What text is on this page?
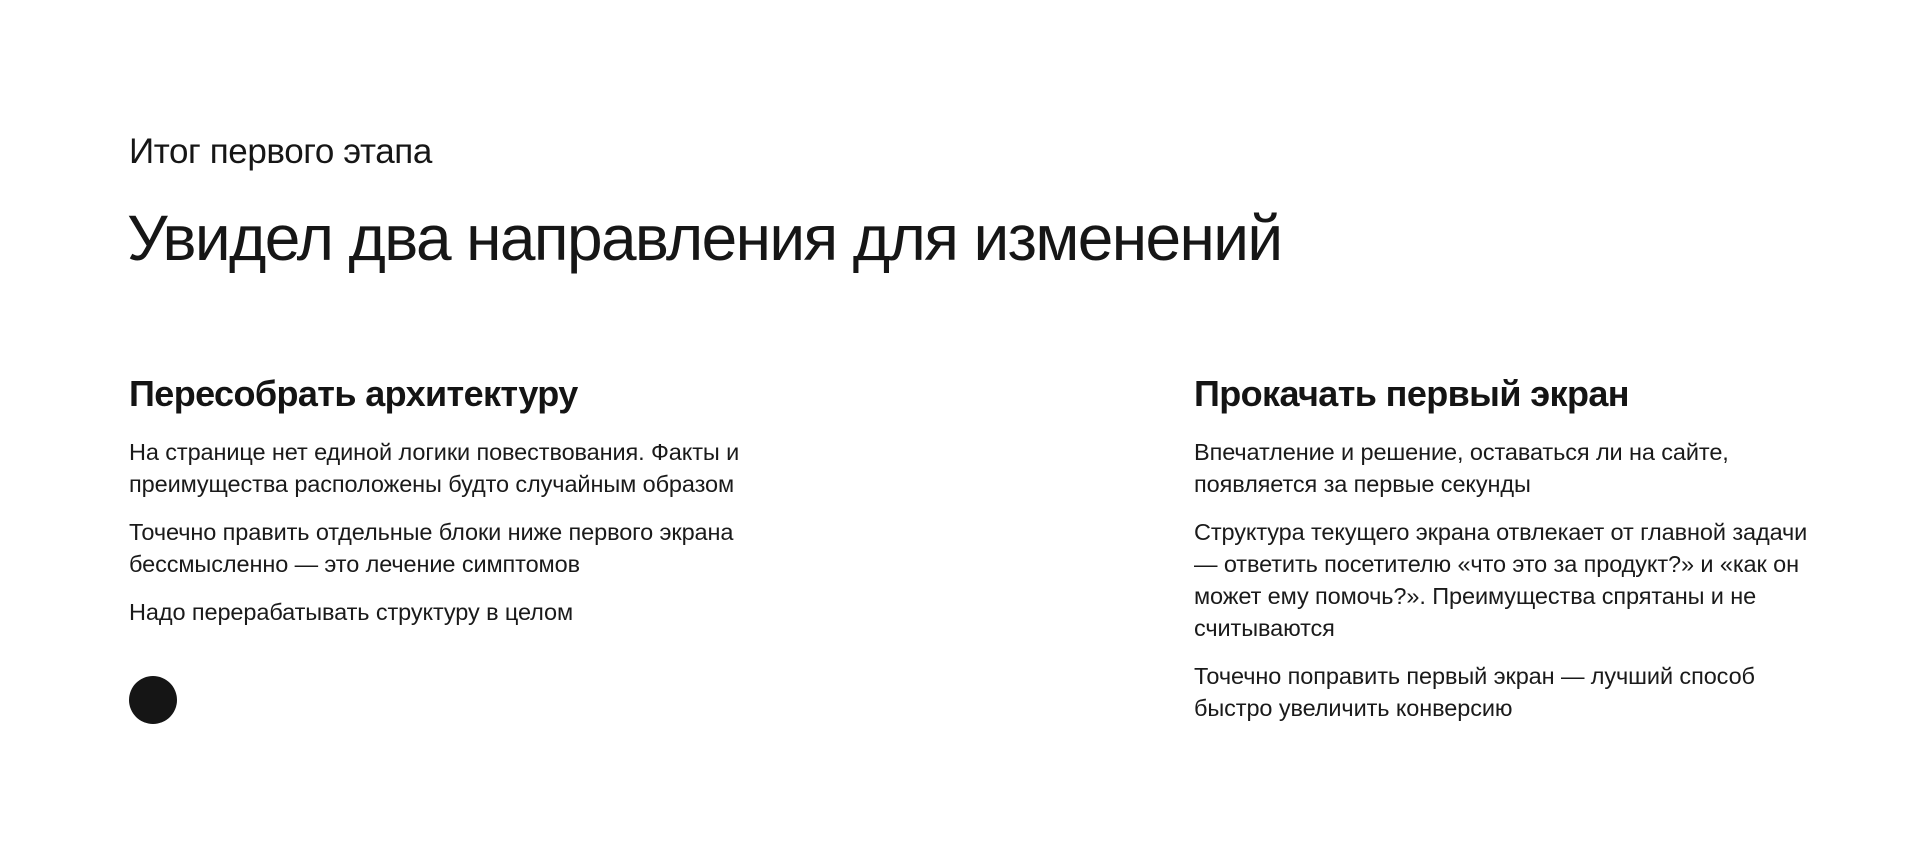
Итог первого этапа

Увидел два направления для изменений
Пересобрать архитектуру

На странице нет единой логики повествования. Факты и преимущества расположены будто случайным образом

Точечно править отдельные блоки ниже первого экрана бессмысленно — это лечение симптомов

Надо перерабатывать структуру в целом

Прокачать первый экран

Впечатление и решение, оставаться ли на сайте, появляется за первые секунды

Структура текущего экрана отвлекает от главной задачи — ответить посетителю «что это за продукт?» и «как он может ему помочь?». Преимущества спрятаны и не считываются

Точечно поправить первый экран — лучший способ быстро увеличить конверсию
